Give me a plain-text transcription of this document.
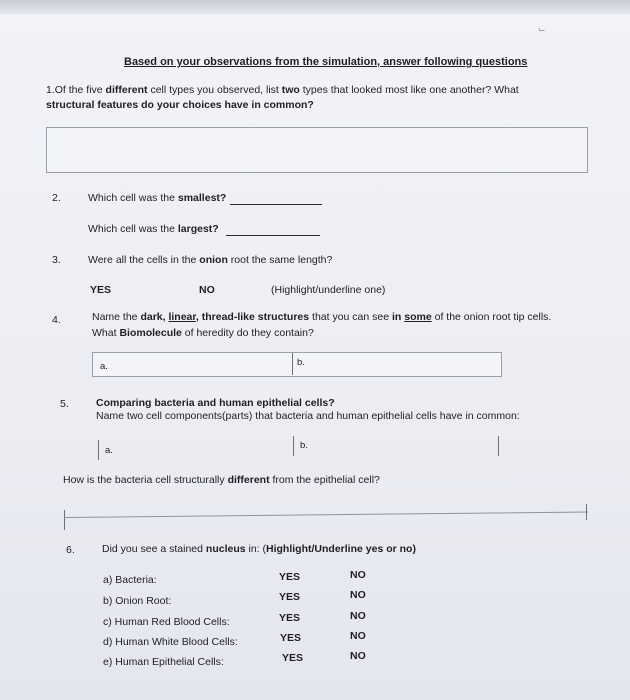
⌙
Based on your observations from the simulation, answer following questions
1.Of the five different cell types you observed, list two types that looked most like one another? What
structural features do your choices have in common?
2.	Which cell was the smallest?
Which cell was the largest?
3.	Were all the cells in the onion root the same length?
YES	NO	(Highlight/underline one)
4.	Name the dark, linear, thread-like structures that you can see in some of the onion root tip cells.
What Biomolecule of heredity do they contain?
a.	b.
5.	Comparing bacteria and human epithelial cells?
Name two cell components(parts) that bacteria and human epithelial cells have in common:
a.	b.
How is the bacteria cell structurally different from the epithelial cell?
6.	Did you see a stained nucleus in: (Highlight/Underline yes or no)
a) Bacteria:	YES	NO
b) Onion Root:	YES	NO
c) Human Red Blood Cells:	YES	NO
d) Human White Blood Cells:	YES	NO
e) Human Epithelial Cells:	YES	NO
